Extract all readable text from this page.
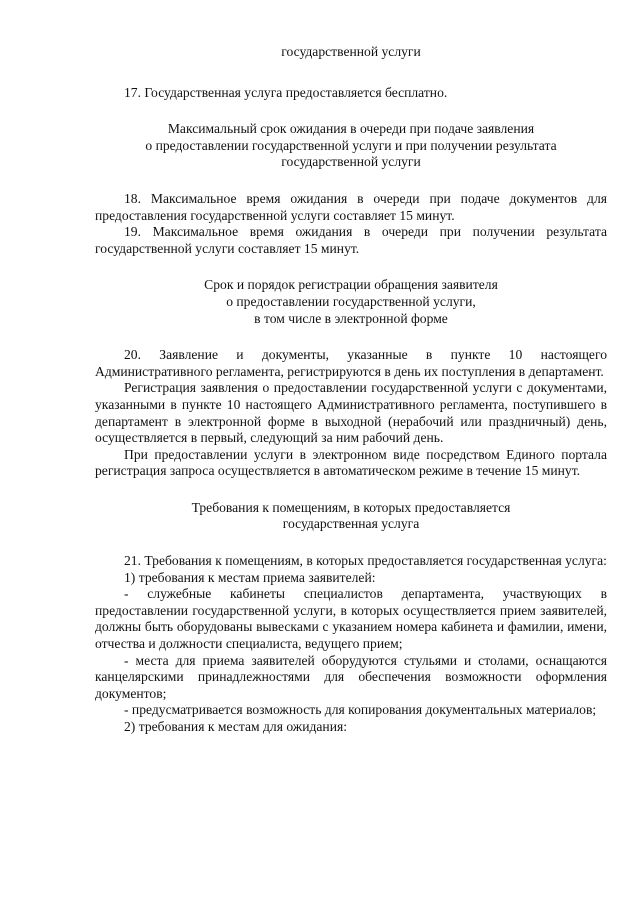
государственной услуги

17. Государственная услуга предоставляется бесплатно.

Максимальный срок ожидания в очереди при подаче заявления
о предоставлении государственной услуги и при получении результата
государственной услуги

18. Максимальное время ожидания в очереди при подаче документов для предоставления государственной услуги составляет 15 минут.

19. Максимальное время ожидания в очереди при получении результата государственной услуги составляет 15 минут.

Срок и порядок регистрации обращения заявителя
о предоставлении государственной услуги,
в том числе в электронной форме

20. Заявление и документы, указанные в пункте 10 настоящего Административного регламента, регистрируются в день их поступления в департамент.

Регистрация заявления о предоставлении государственной услуги с документами, указанными в пункте 10 настоящего Административного регламента, поступившего в департамент в электронной форме в выходной (нерабочий или праздничный) день, осуществляется в первый, следующий за ним рабочий день.

При предоставлении услуги в электронном виде посредством Единого портала регистрация запроса осуществляется в автоматическом режиме в течение 15 минут.

Требования к помещениям, в которых предоставляется
государственная услуга

21. Требования к помещениям, в которых предоставляется государственная услуга:

1) требования к местам приема заявителей:

- служебные кабинеты специалистов департамента, участвующих в предоставлении государственной услуги, в которых осуществляется прием заявителей, должны быть оборудованы вывесками с указанием номера кабинета и фамилии, имени, отчества и должности специалиста, ведущего прием;

- места для приема заявителей оборудуются стульями и столами, оснащаются канцелярскими принадлежностями для обеспечения возможности оформления документов;

- предусматривается возможность для копирования документальных материалов;

2) требования к местам для ожидания:
